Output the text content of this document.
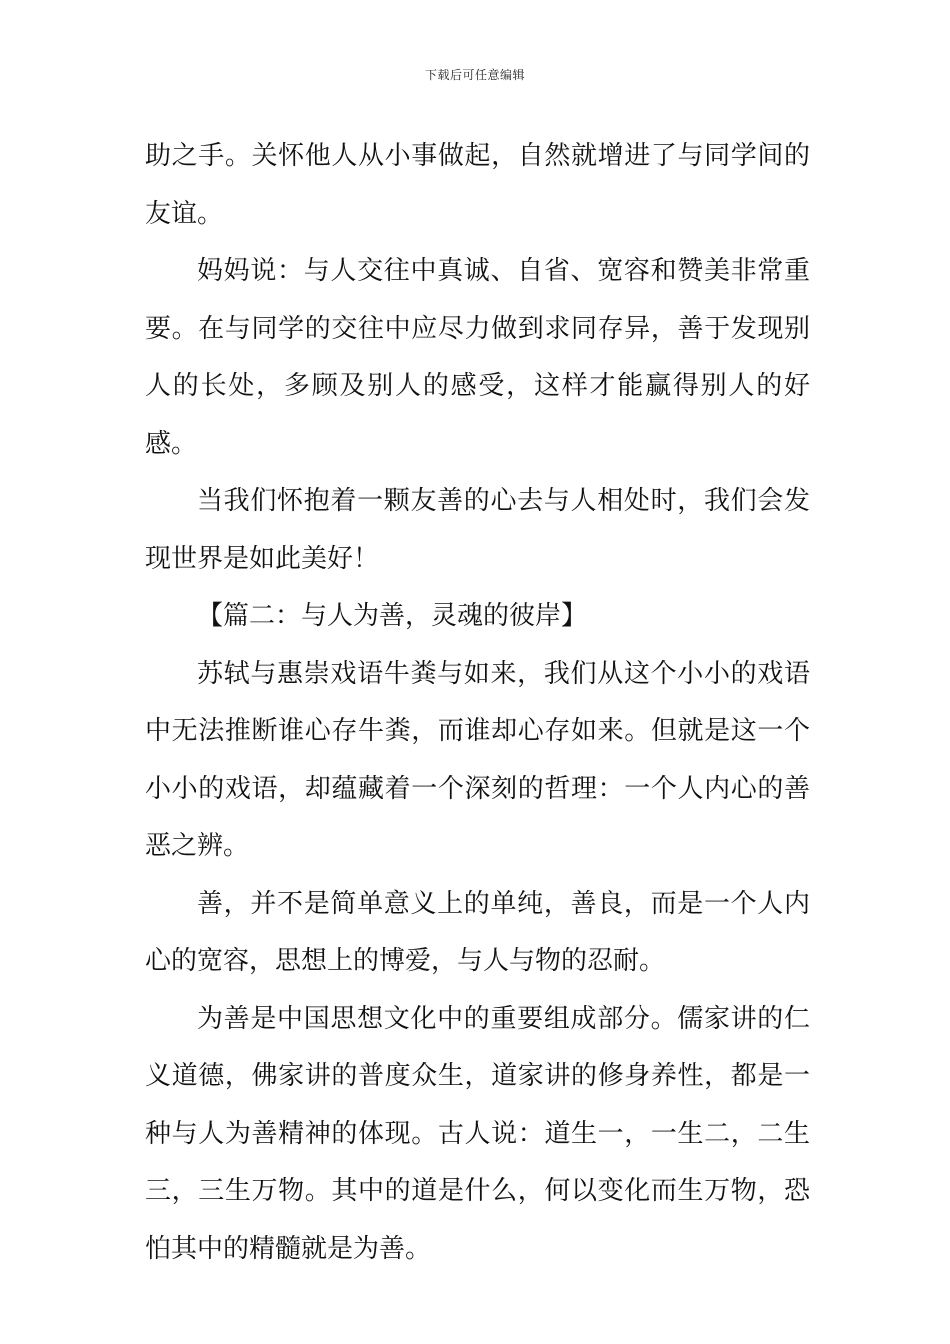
下载后可任意编辑

助之手。关怀他人从小事做起，自然就增进了与同学间的友谊。

妈妈说：与人交往中真诚、自省、宽容和赞美非常重要。在与同学的交往中应尽力做到求同存异，善于发现别人的长处，多顾及别人的感受，这样才能赢得别人的好感。

当我们怀抱着一颗友善的心去与人相处时，我们会发现世界是如此美好！

【篇二：与人为善，灵魂的彼岸】

苏轼与惠崇戏语牛粪与如来，我们从这个小小的戏语中无法推断谁心存牛粪，而谁却心存如来。但就是这一个小小的戏语，却蕴藏着一个深刻的哲理：一个人内心的善恶之辨。

善，并不是简单意义上的单纯，善良，而是一个人内心的宽容，思想上的博爱，与人与物的忍耐。

为善是中国思想文化中的重要组成部分。儒家讲的仁义道德，佛家讲的普度众生，道家讲的修身养性，都是一种与人为善精神的体现。古人说：道生一，一生二，二生三，三生万物。其中的道是什么，何以变化而生万物，恐怕其中的精髓就是为善。
